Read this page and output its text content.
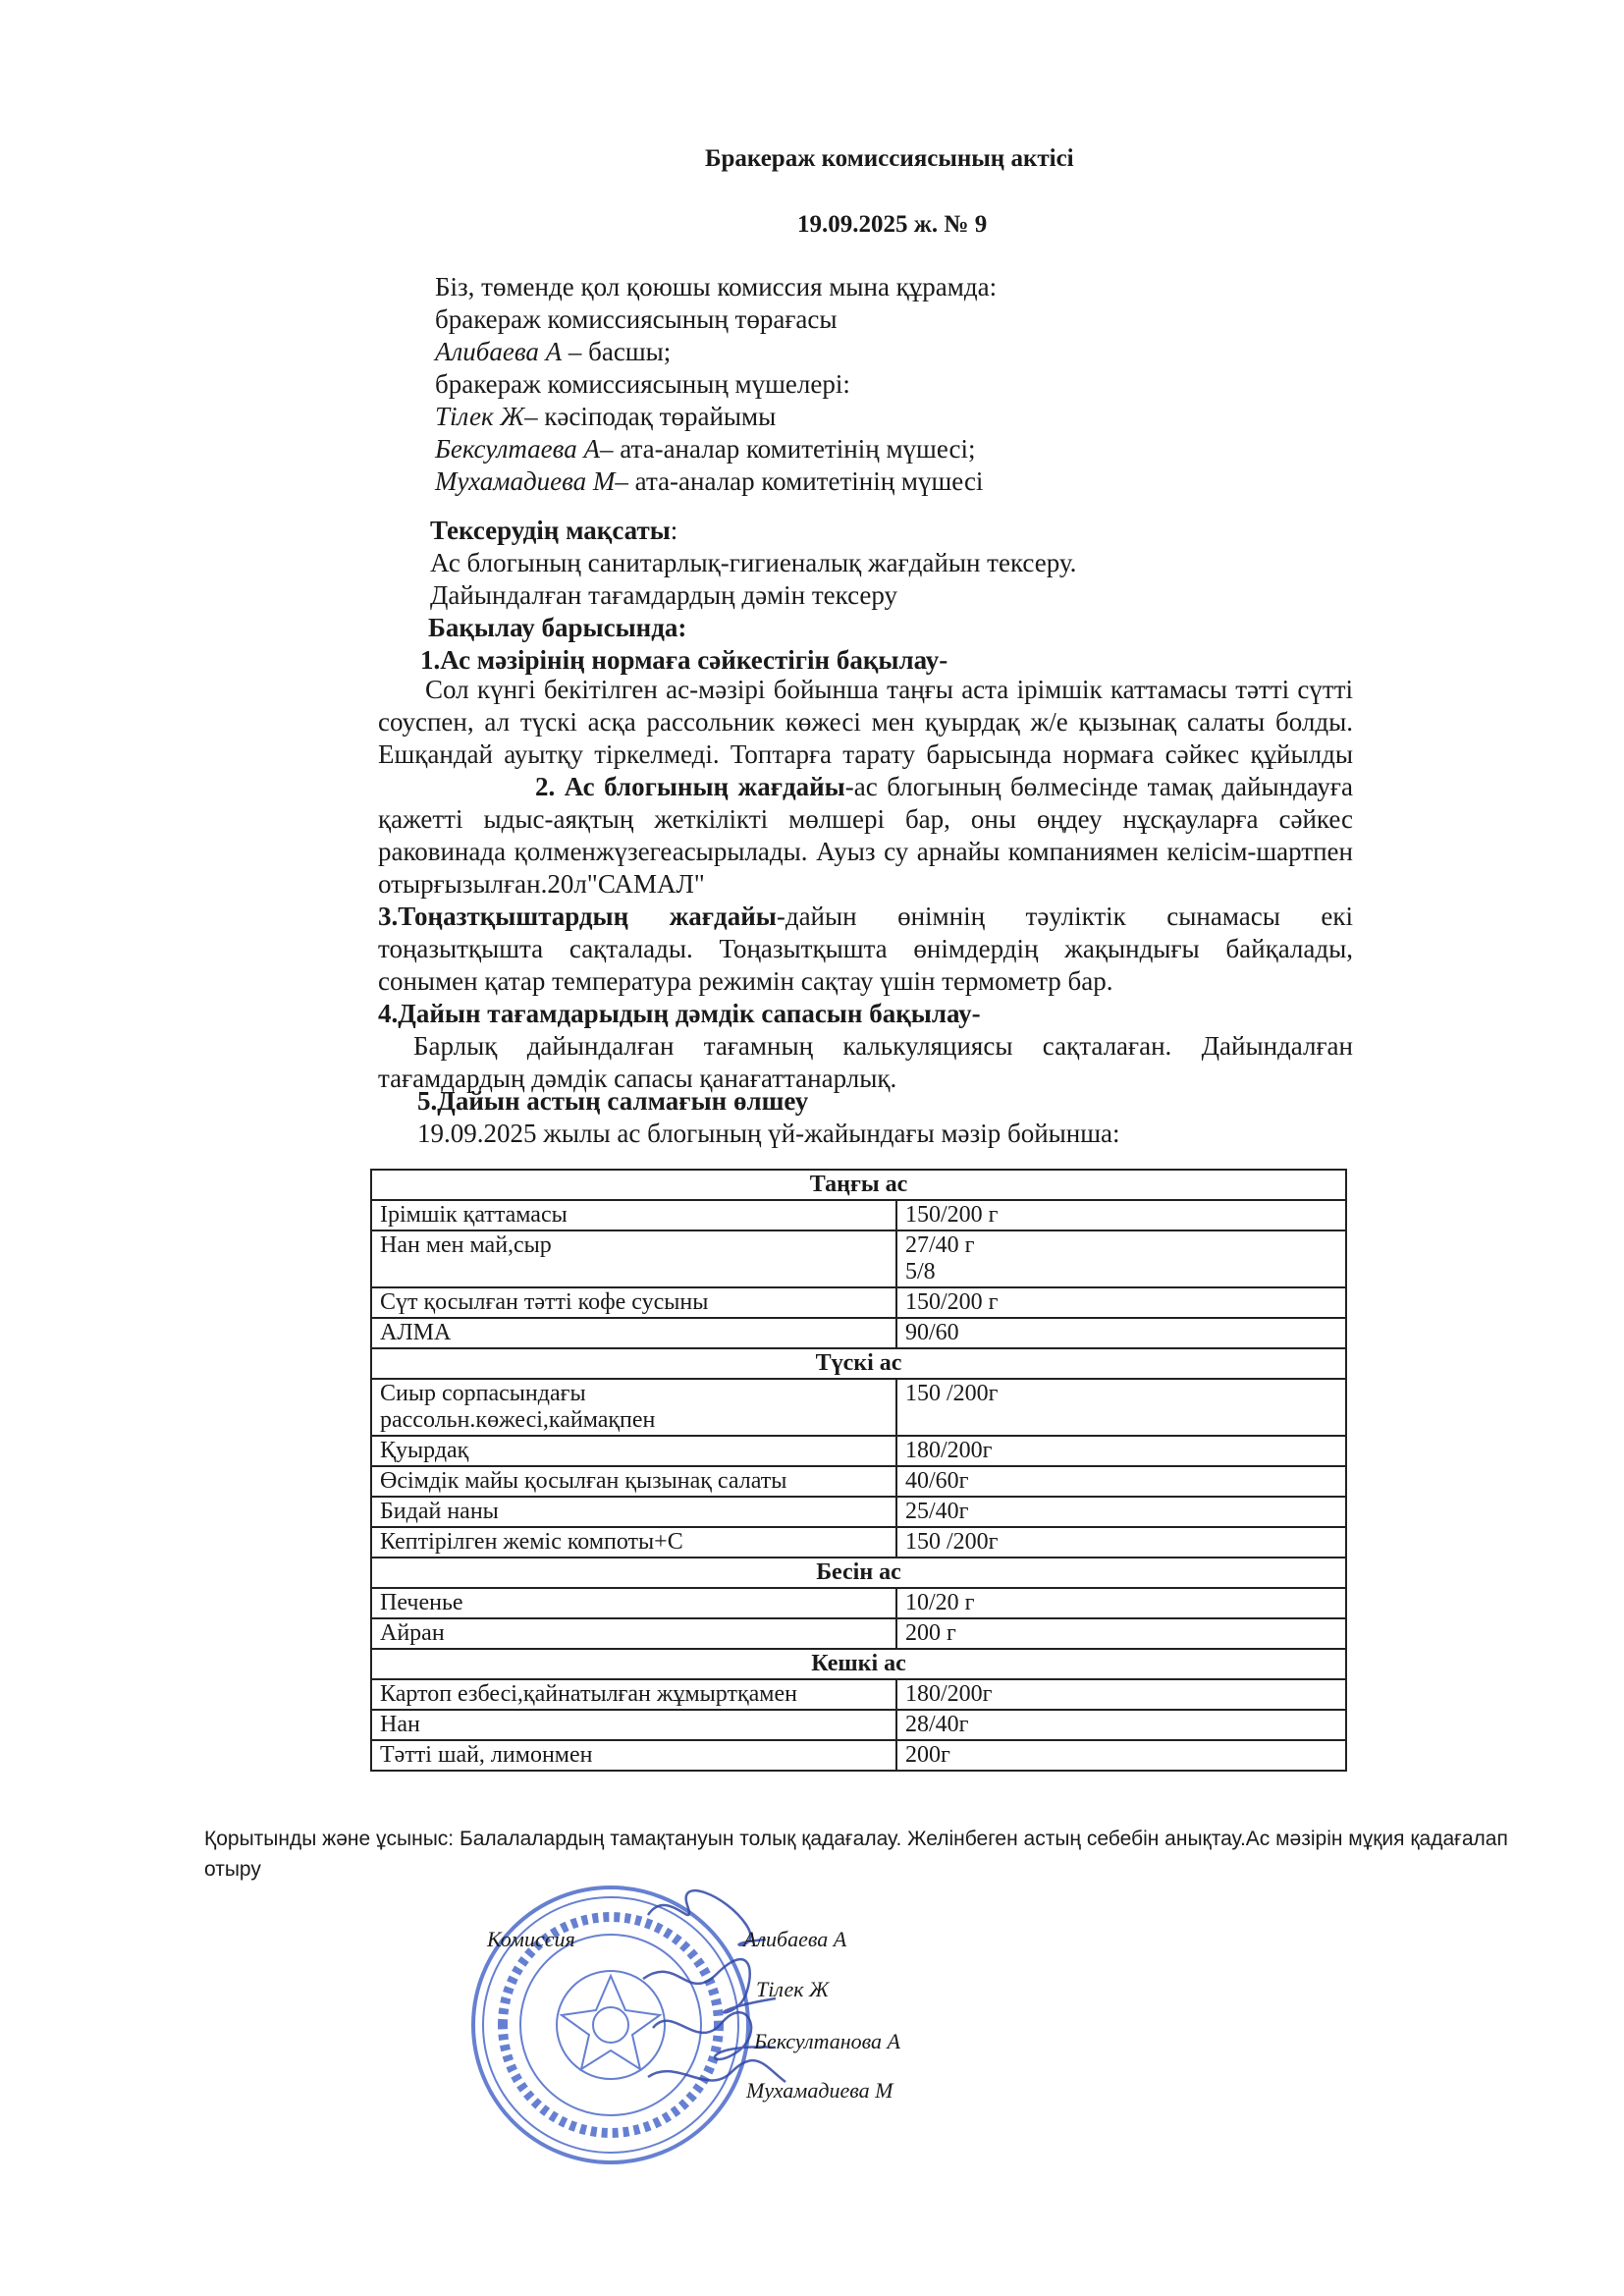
Бракераж комиссиясының актісі
19.09.2025 ж. № 9
Біз, төменде қол қоюшы комиссия мына құрамда:
бракераж комиссиясының төрағасы
Алибаева А – басшы;
бракераж комиссиясының мүшелері:
Тілек Ж– кәсіподақ төрайымы
Бексултаева А– ата-аналар комитетінің мүшесі;
Мухамадиева М– ата-аналар комитетінің мүшесі
Тексерудің мақсаты:
Ас блогының санитарлық-гигиеналық жағдайын тексеру.
Дайындалған тағамдардың дәмін тексеру
Бақылау барысында:
1.Ас мәзірінің нормаға сәйкестігін бақылау-
Сол күнгі бекітілген ас-мәзірі бойынша таңғы аста ірімшік каттамасы тәтті сүтті соуспен, ал түскі асқа рассольник көжесі мен қуырдақ ж/е қызынақ салаты болды. Ешқандай ауытқу тіркелмеді. Топтарға тарату барысында нормаға сәйкес құйылды2. Ас блогының жағдайы-ас блогының бөлмесінде тамақ дайындауға қажетті ыдыс-аяқтың жеткілікті мөлшері бар, оны өңдеу нұсқауларға сәйкес раковинада қолменжүзегеасырылады. Ауыз су арнайы компаниямен келісім-шартпен отырғызылған.20л"САМАЛ"
3.Тоңазтқыштардың жағдайы-дайын өнімнің тәуліктік сынамасы екі тоңазытқышта сақталады. Тоңазытқышта өнімдердің жақындығы байқалады, сонымен қатар температура режимін сақтау үшін термометр бар.
4.Дайын тағамдарыдың дәмдік сапасын бақылау-
Барлық дайындалған тағамның калькуляциясы сақталаған. Дайындалған тағамдардың дәмдік сапасы қанағаттанарлық.
5.Дайын астың салмағын өлшеу
19.09.2025 жылы ас блогының үй-жайындағы мәзір бойынша:
Таңғы ас	
Ірімшік қаттамасы	150/200 г
Нан мен май,сыр	27/40 г
5/8

Сүт қосылған тәтті кофе сусыны	150/200 г
АЛМА	90/60
Түскі ас	

Сиыр сорпасындағы
рассольн.көжесі,каймақпен	150 /200г
Қуырдақ	180/200г
Өсімдік майы қосылған қызынақ салаты	40/60г
Бидай наны	25/40г
Кептірілген жеміс компоты+С	150 /200г
Бесін ас	
Печенье	10/20 г
Айран	200 г
Кешкі ас	
Картоп езбесі,қайнатылған жұмыртқамен	180/200г
Нан	28/40г
Тәтті шай, лимонмен	200г
Қорытынды және ұсыныс: Балалалардың тамақтануын толық қадағалау. Желінбеген астың себебін анықтау.Ас мәзірін мұқия қадағалап
отыру
Комиссия	Алибаева А
Тілек Ж
Бексултанова А
Мухамадиева М
